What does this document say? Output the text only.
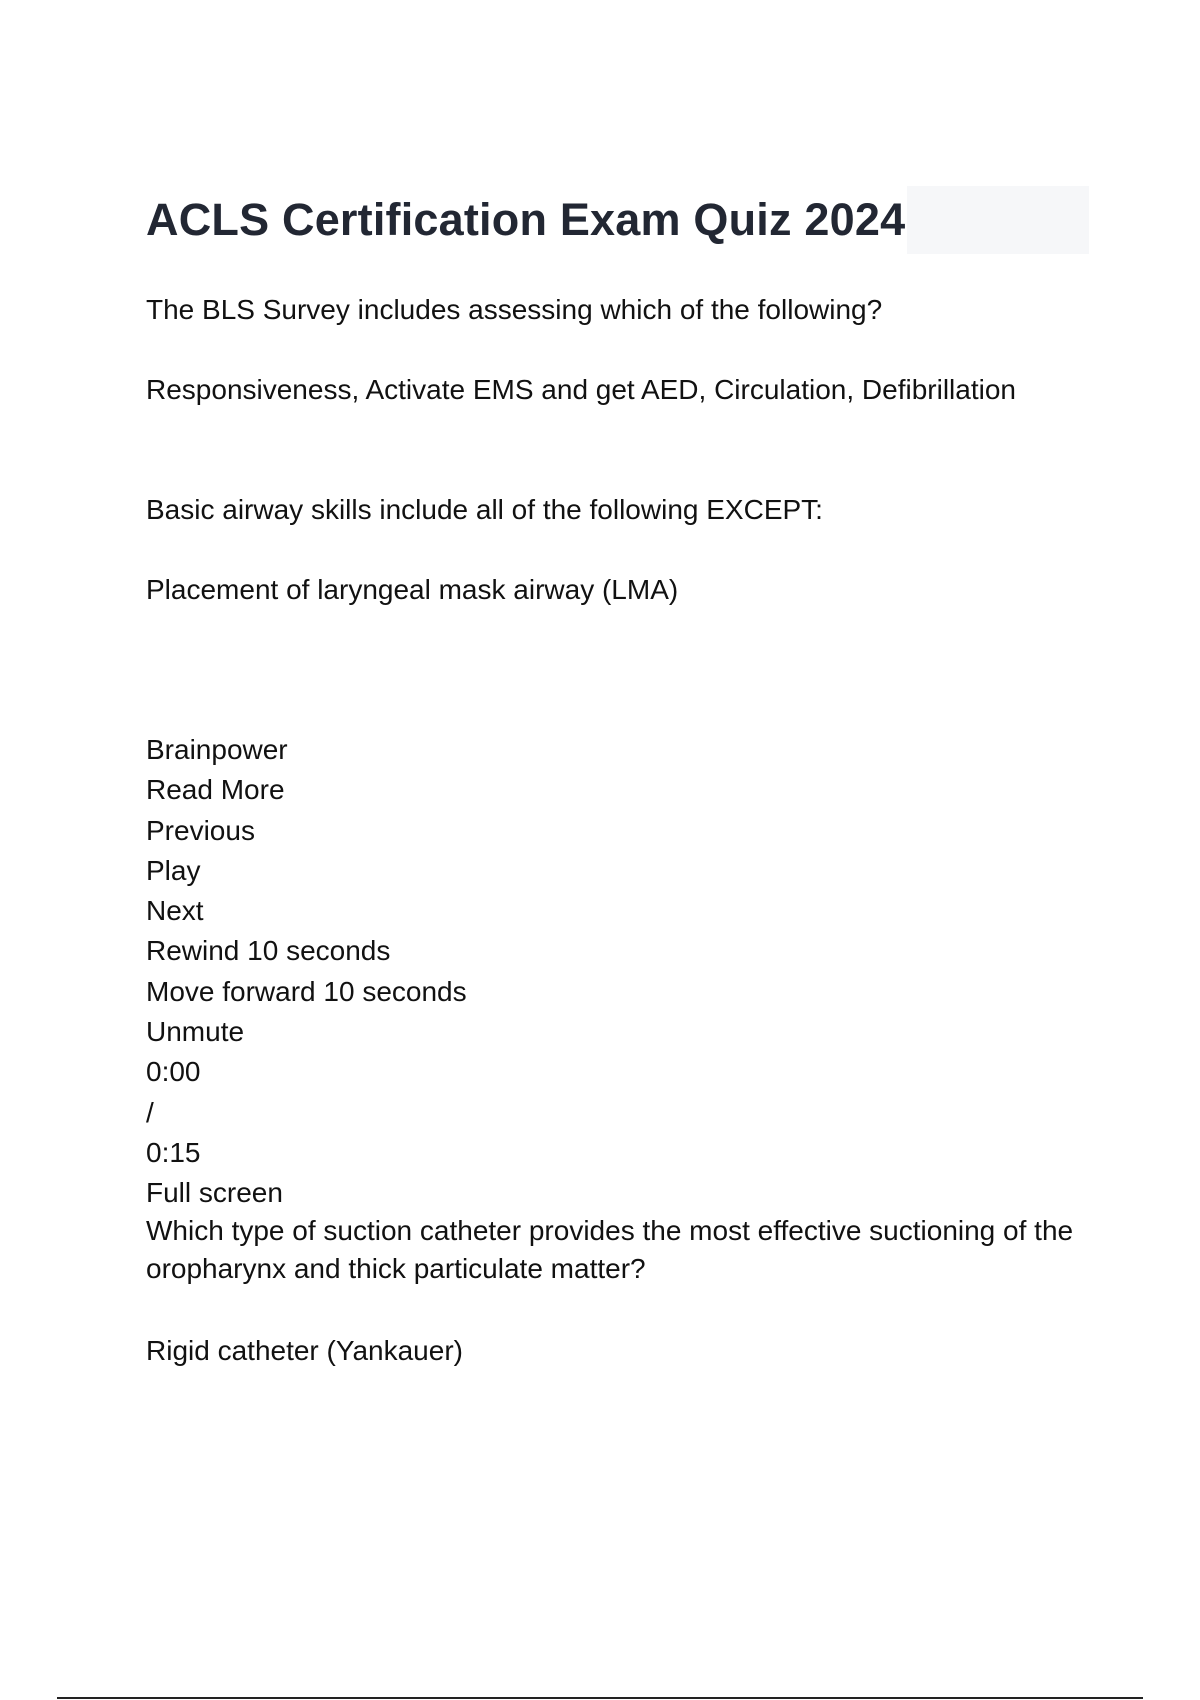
ACLS Certification Exam Quiz 2024

The BLS Survey includes assessing which of the following?

Responsiveness, Activate EMS and get AED, Circulation, Defibrillation

Basic airway skills include all of the following EXCEPT:

Placement of laryngeal mask airway (LMA)

Brainpower
Read More
Previous
Play
Next
Rewind 10 seconds
Move forward 10 seconds
Unmute
0:00
/
0:15
Full screen

Which type of suction catheter provides the most effective suctioning of the oropharynx and thick particulate matter?

Rigid catheter (Yankauer)
